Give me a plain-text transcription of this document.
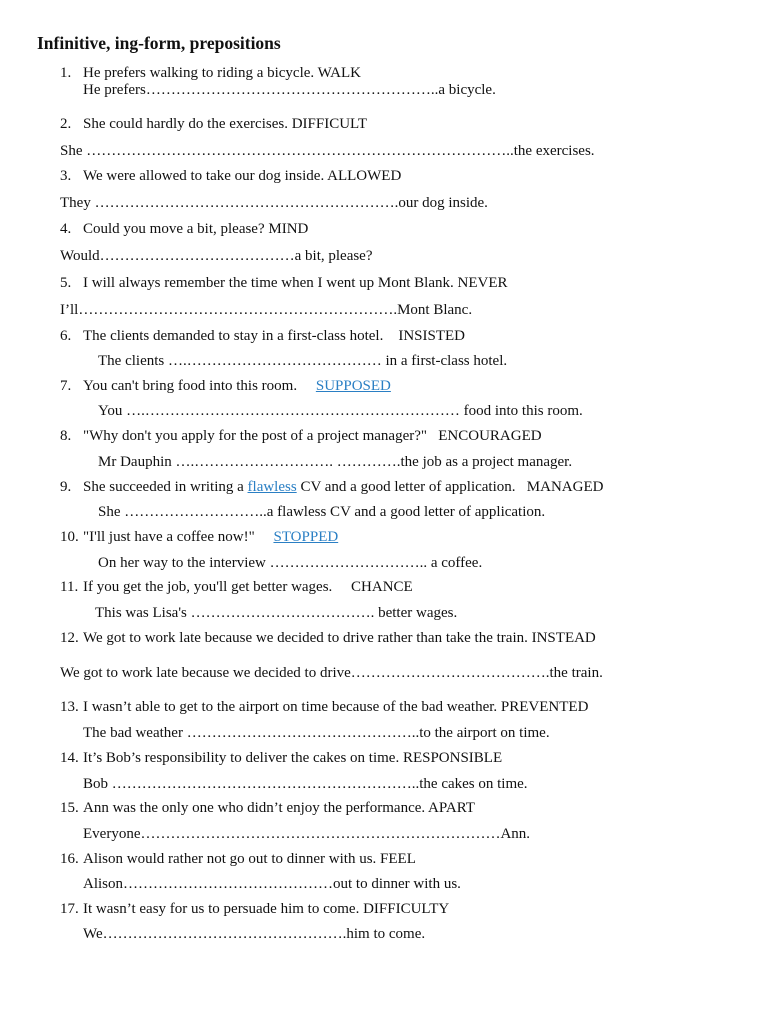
Infinitive, ing-form, prepositions
1. He prefers walking to riding a bicycle. WALK
He prefers…………………………………………………..a bicycle.
2. She could hardly do the exercises. DIFFICULT
She …………………………………………………………………………..the exercises.
3. We were allowed to take our dog inside. ALLOWED
They …………………………………………………….our dog inside.
4. Could you move a bit, please? MIND
Would…………………………………a bit, please?
5. I will always remember the time when I went up Mont Blank. NEVER
I’ll……………………………………………………….Mont Blanc.
6. The clients demanded to stay in a first-class hotel.    INSISTED
The clients ….………………………………… in a first-class hotel.
7. You can't bring food into this room.     SUPPOSED
You ….……………………………………………………… food into this room.
8. "Why don't you apply for the post of a project manager?"   ENCOURAGED
Mr Dauphin ….………………………. ………….the job as a project manager.
9. She succeeded in writing a flawless CV and a good letter of application.   MANAGED
She ………………………..a flawless CV and a good letter of application.
10. "I'll just have a coffee now!"     STOPPED
On her way to the interview ………………………….. a coffee.
11. If you get the job, you'll get better wages.     CHANCE
This was Lisa's ………………………………. better wages.
12. We got to work late because we decided to drive rather than take the train. INSTEAD
We got to work late because we decided to drive………………………………….the train.
13. I wasn’t able to get to the airport on time because of the bad weather. PREVENTED
The bad weather ………………………………………..to the airport on time.
14. It’s Bob’s responsibility to deliver the cakes on time. RESPONSIBLE
Bob ……………………………………………………..the cakes on time.
15. Ann was the only one who didn’t enjoy the performance. APART
Everyone………………………………………………………………Ann.
16. Alison would rather not go out to dinner with us. FEEL
Alison……………………………………out to dinner with us.
17. It wasn’t easy for us to persuade him to come. DIFFICULTY
We………………………………………….him to come.
